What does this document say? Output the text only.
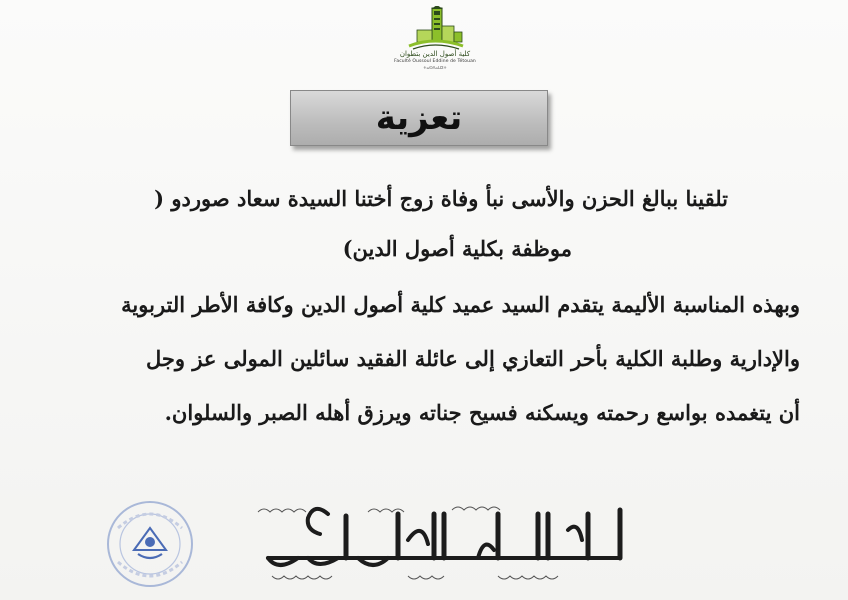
كلية أصول الدين بتطوان
Faculté Oussoul Eddine de Tétouan
ⵜⴰⵙⴷⴰⵡⵉⵜ
تعزية
تلقينا ببالغ الحزن والأسى نبأ وفاة زوج أختنا السيدة سعاد صوردو (
موظفة بكلية أصول الدين)
وبهذه المناسبة الأليمة يتقدم السيد عميد كلية أصول الدين وكافة الأطر التربوية
والإدارية وطلبة الكلية بأحر التعازي إلى عائلة الفقيد سائلين المولى عز وجل
أن يتغمده بواسع رحمته ويسكنه فسيح جناته ويرزق أهله الصبر والسلوان.
